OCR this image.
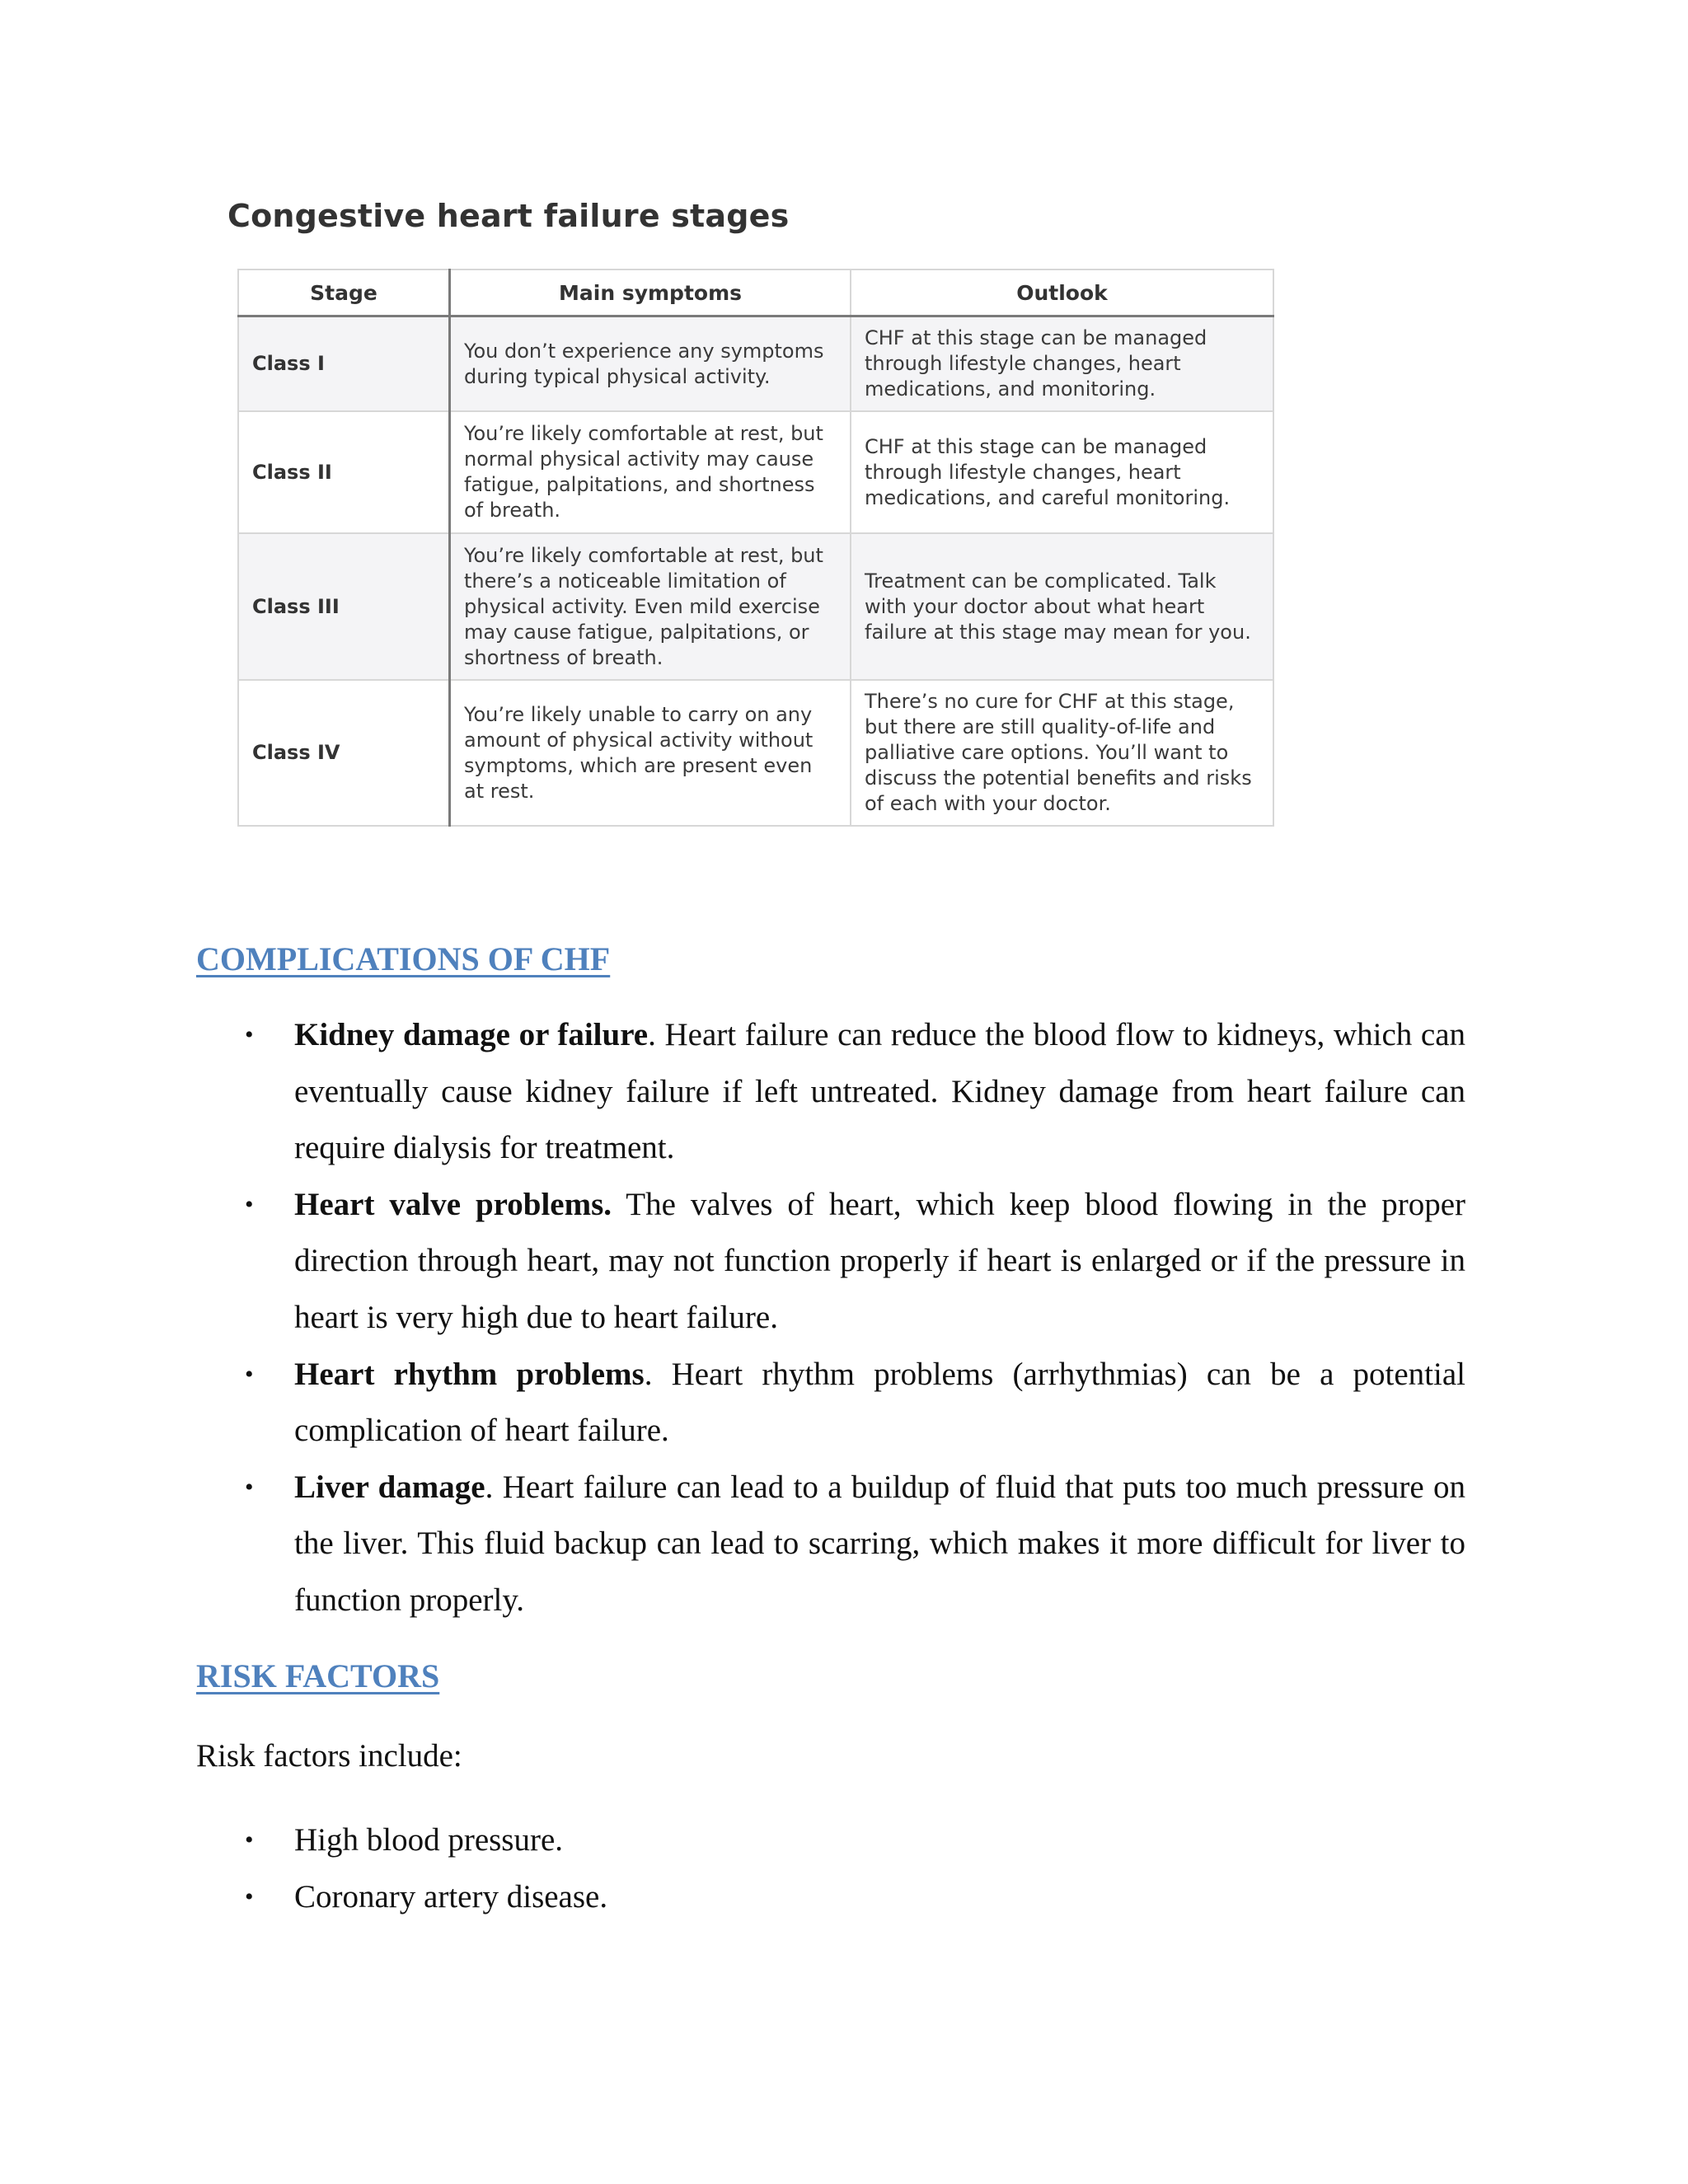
Congestive heart failure stages
Stage	Main symptoms	Outlook
Class I	You don’t experience any symptoms during typical physical activity.	CHF at this stage can be managed through lifestyle changes, heart medications, and monitoring.
Class II	You’re likely comfortable at rest, but normal physical activity may cause fatigue, palpitations, and shortness of breath.	CHF at this stage can be managed through lifestyle changes, heart medications, and careful monitoring.
Class III	You’re likely comfortable at rest, but there’s a noticeable limitation of physical activity. Even mild exercise may cause fatigue, palpitations, or shortness of breath.	Treatment can be complicated. Talk with your doctor about what heart failure at this stage may mean for you.
Class IV	You’re likely unable to carry on any amount of physical activity without symptoms, which are present even at rest.	There’s no cure for CHF at this stage, but there are still quality-of-life and palliative care options. You’ll want to discuss the potential benefits and risks of each with your doctor.
COMPLICATIONS OF CHF
• Kidney damage or failure. Heart failure can reduce the blood flow to kidneys, which can eventually cause kidney failure if left untreated. Kidney damage from heart failure can require dialysis for treatment.
• Heart valve problems. The valves of heart, which keep blood flowing in the proper direction through heart, may not function properly if heart is enlarged or if the pressure in heart is very high due to heart failure.
• Heart rhythm problems. Heart rhythm problems (arrhythmias) can be a potential complication of heart failure.
• Liver damage. Heart failure can lead to a buildup of fluid that puts too much pressure on the liver. This fluid backup can lead to scarring, which makes it more difficult for liver to function properly.
RISK FACTORS

Risk factors include:

• High blood pressure.
• Coronary artery disease.
